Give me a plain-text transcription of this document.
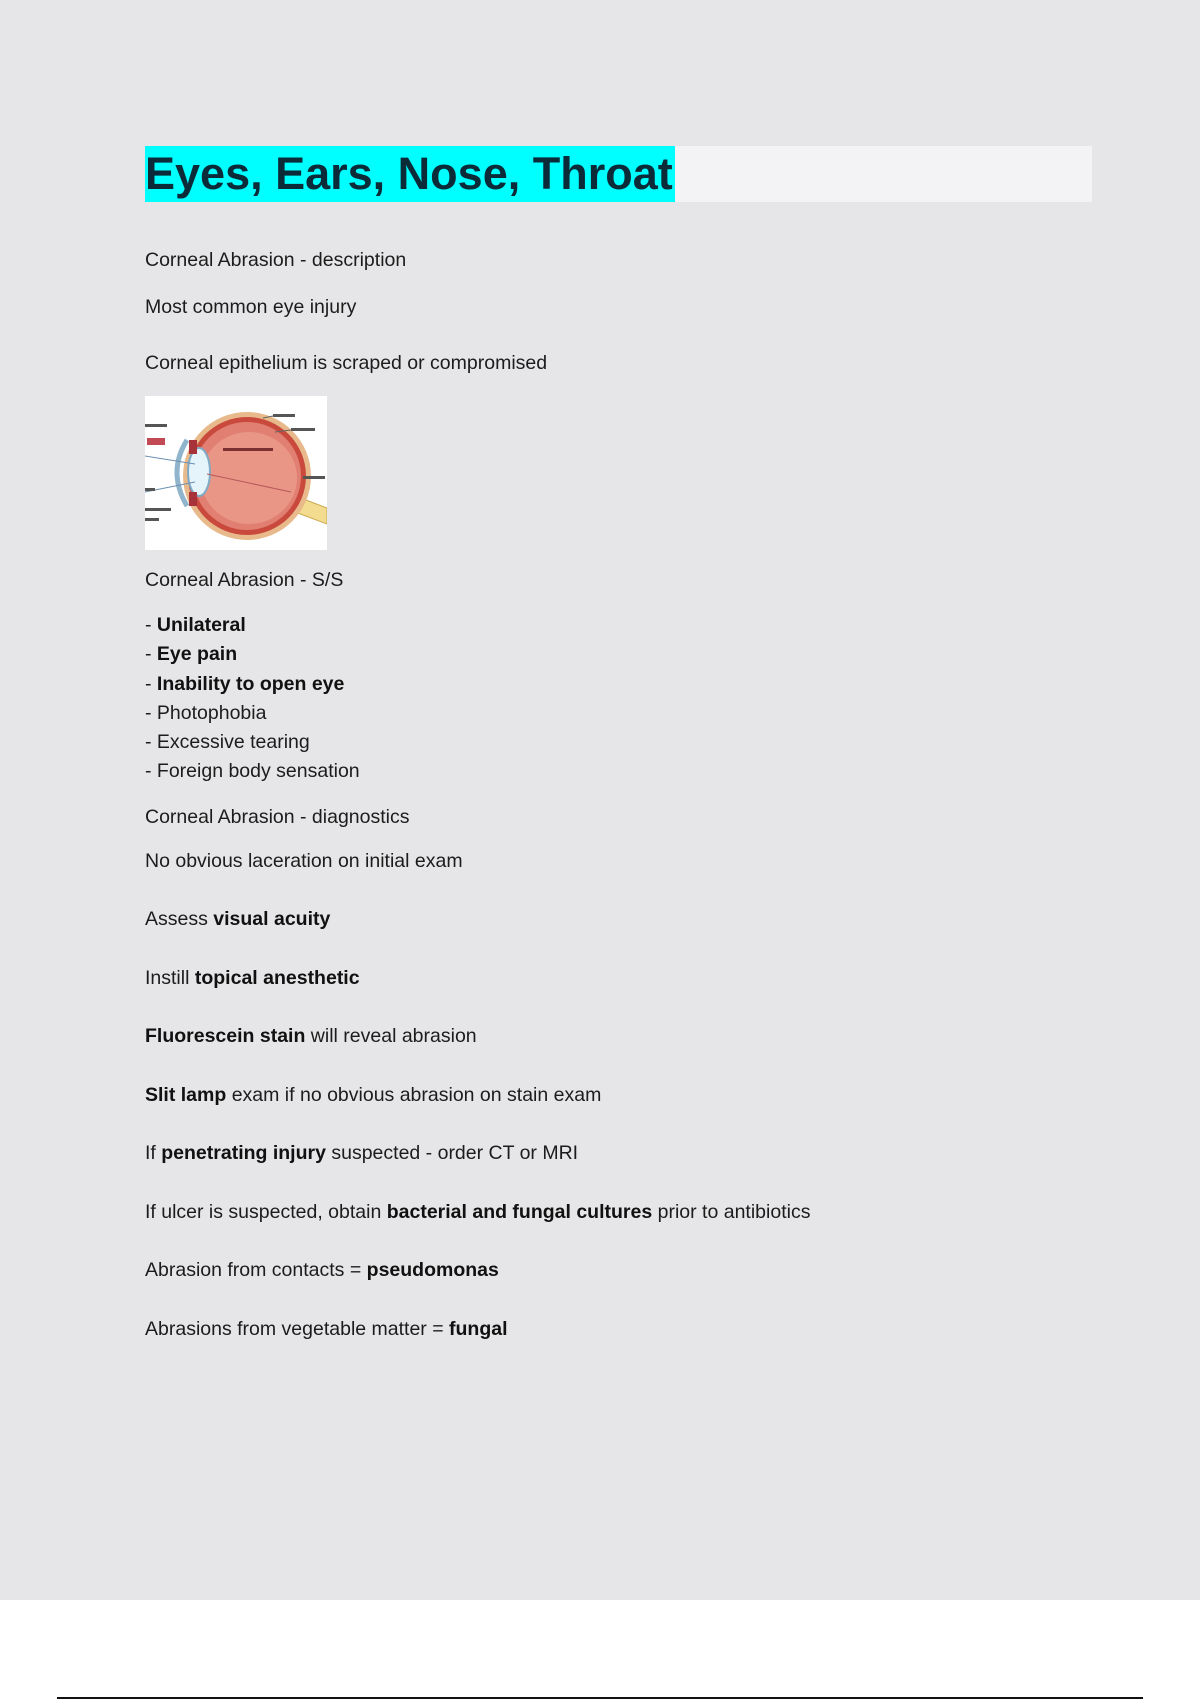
Eyes, Ears, Nose, Throat
Corneal Abrasion - description
Most common eye injury
Corneal epithelium is scraped or compromised
Corneal Abrasion - S/S
- Unilateral
- Eye pain
- Inability to open eye
- Photophobia
- Excessive tearing
- Foreign body sensation
Corneal Abrasion - diagnostics
No obvious laceration on initial exam
Assess visual acuity
Instill topical anesthetic
Fluorescein stain will reveal abrasion
Slit lamp exam if no obvious abrasion on stain exam
If penetrating injury suspected - order CT or MRI
If ulcer is suspected, obtain bacterial and fungal cultures prior to antibiotics
Abrasion from contacts = pseudomonas
Abrasions from vegetable matter = fungal
